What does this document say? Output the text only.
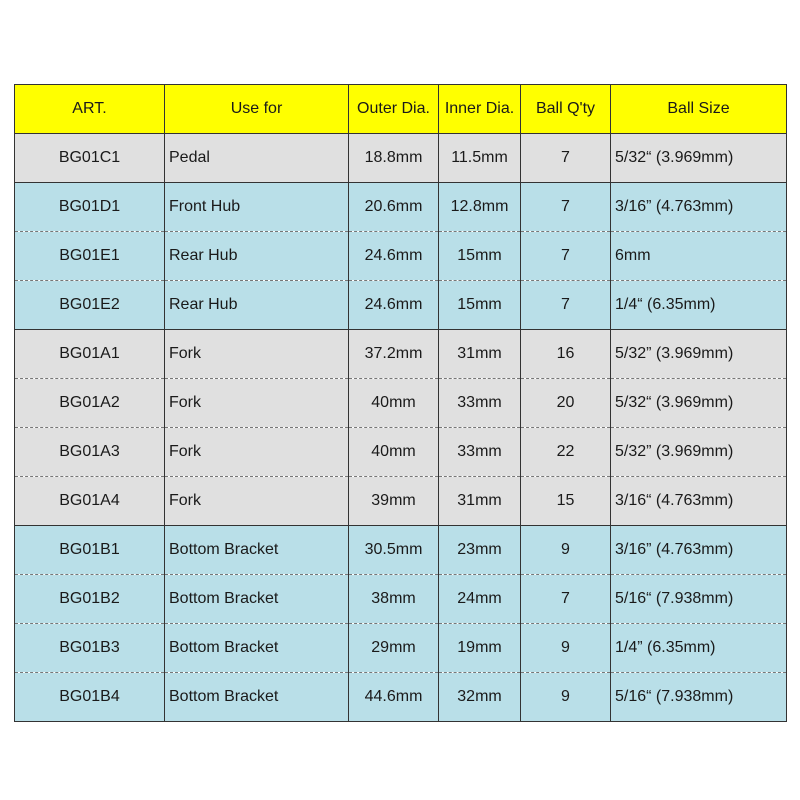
ART.	Use for	Outer Dia.	Inner Dia.	Ball Q'ty	Ball Size
BG01C1	Pedal	18.8mm	11.5mm	7	5/32“ (3.969mm)
BG01D1	Front Hub	20.6mm	12.8mm	7	3/16” (4.763mm)
BG01E1	Rear Hub	24.6mm	15mm	7	6mm
BG01E2	Rear Hub	24.6mm	15mm	7	1/4“ (6.35mm)
BG01A1	Fork	37.2mm	31mm	16	5/32” (3.969mm)
BG01A2	Fork	40mm	33mm	20	5/32“ (3.969mm)
BG01A3	Fork	40mm	33mm	22	5/32” (3.969mm)
BG01A4	Fork	39mm	31mm	15	3/16“ (4.763mm)
BG01B1	Bottom Bracket	30.5mm	23mm	9	3/16” (4.763mm)
BG01B2	Bottom Bracket	38mm	24mm	7	5/16“ (7.938mm)
BG01B3	Bottom Bracket	29mm	19mm	9	1/4” (6.35mm)
BG01B4	Bottom Bracket	44.6mm	32mm	9	5/16“ (7.938mm)
